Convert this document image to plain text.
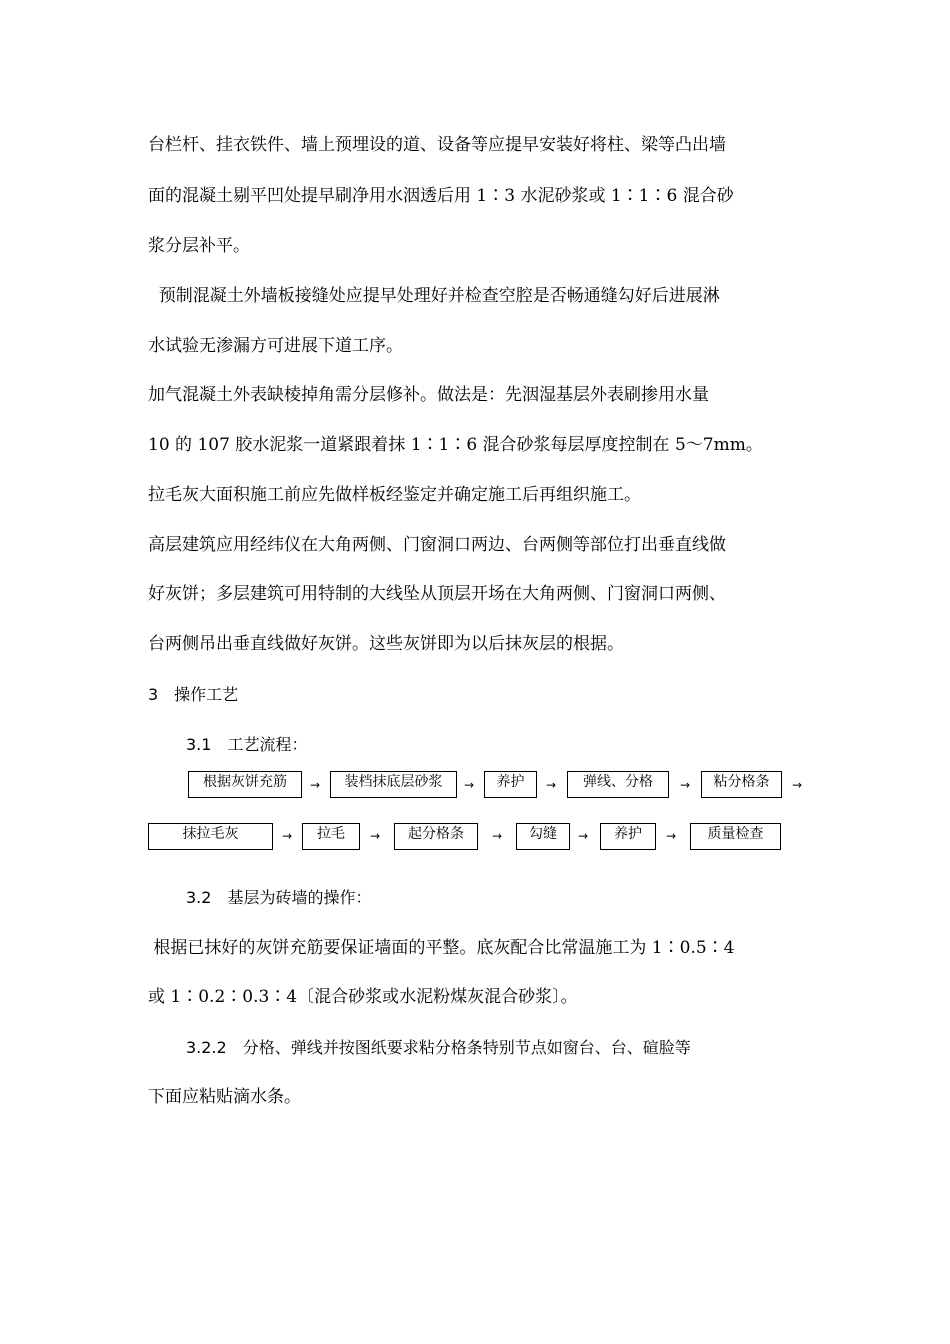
台栏杆、挂衣铁件、墙上预埋设的道、设备等应提早安装好将柱、梁等凸出墙
面的混凝土剔平凹处提早刷净用水洇透后用 1∶3 水泥砂浆或 1∶1∶6 混合砂
浆分层补平。
预制混凝土外墙板接缝处应提早处理好并检查空腔是否畅通缝勾好后进展淋
水试验无渗漏方可进展下道工序。
加气混凝土外表缺棱掉角需分层修补。做法是：先洇湿基层外表刷掺用水量
10 的 107 胶水泥浆一道紧跟着抹 1∶1∶6 混合砂浆每层厚度控制在 5～7mm。
拉毛灰大面积施工前应先做样板经鉴定并确定施工后再组织施工。
高层建筑应用经纬仪在大角两侧、门窗洞口两边、台两侧等部位打出垂直线做
好灰饼；多层建筑可用特制的大线坠从顶层开场在大角两侧、门窗洞口两侧、
台两侧吊出垂直线做好灰饼。这些灰饼即为以后抹灰层的根据。
3　操作工艺
3.1　工艺流程：
根据灰饼充筋	→	装档抹底层砂浆	→	养护	→	弹线、分格	→	粘分格条	→
抹拉毛灰	→	拉毛	→	起分格条	→	勾缝	→	养护	→	质量检查
3.2　基层为砖墙的操作：
根据已抹好的灰饼充筋要保证墙面的平整。底灰配合比常温施工为 1∶0.5∶4
或 1∶0.2∶0.3∶4〔混合砂浆或水泥粉煤灰混合砂浆〕。
3.2.2　分格、弹线并按图纸要求粘分格条特别节点如窗台、台、碹脸等
下面应粘贴滴水条。
